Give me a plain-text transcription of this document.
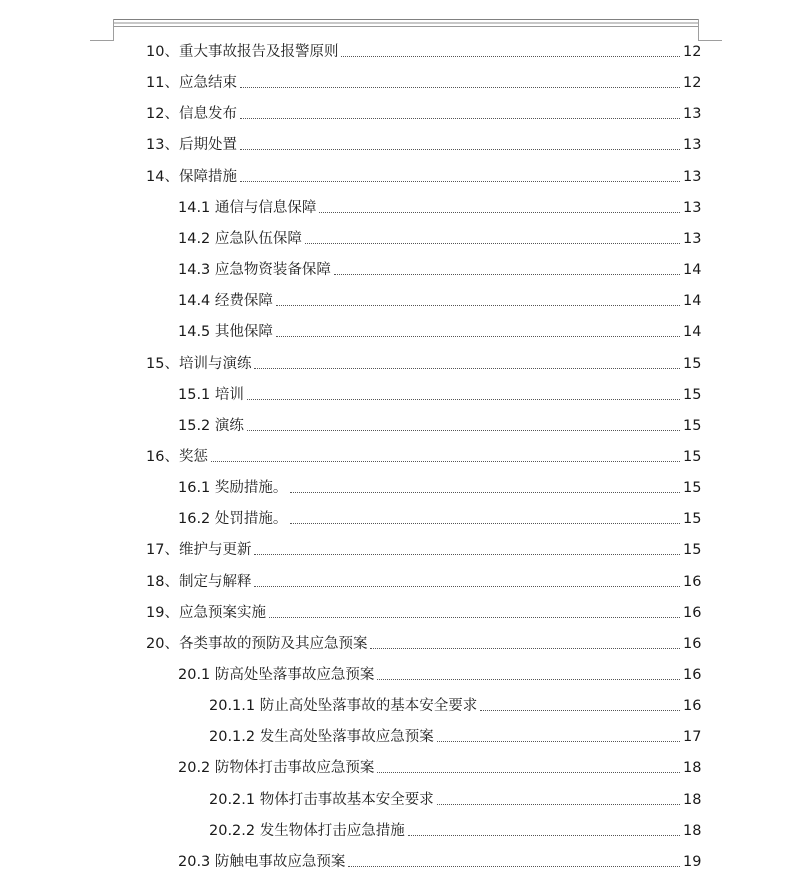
10、重大事故报告及报警原则	12
11、应急结束	12
12、信息发布	13
13、后期处置	13
14、保障措施	13
14.1 通信与信息保障	13
14.2 应急队伍保障	13
14.3 应急物资装备保障	14
14.4 经费保障	14
14.5 其他保障	14
15、培训与演练	15
15.1 培训	15
15.2 演练	15
16、奖惩	15
16.1 奖励措施。	15
16.2 处罚措施。	15
17、维护与更新	15
18、制定与解释	16
19、应急预案实施	16
20、各类事故的预防及其应急预案	16
20.1 防高处坠落事故应急预案	16
20.1.1 防止高处坠落事故的基本安全要求	16
20.1.2 发生高处坠落事故应急预案	17
20.2 防物体打击事故应急预案	18
20.2.1 物体打击事故基本安全要求	18
20.2.2 发生物体打击应急措施	18
20.3 防触电事故应急预案	19
